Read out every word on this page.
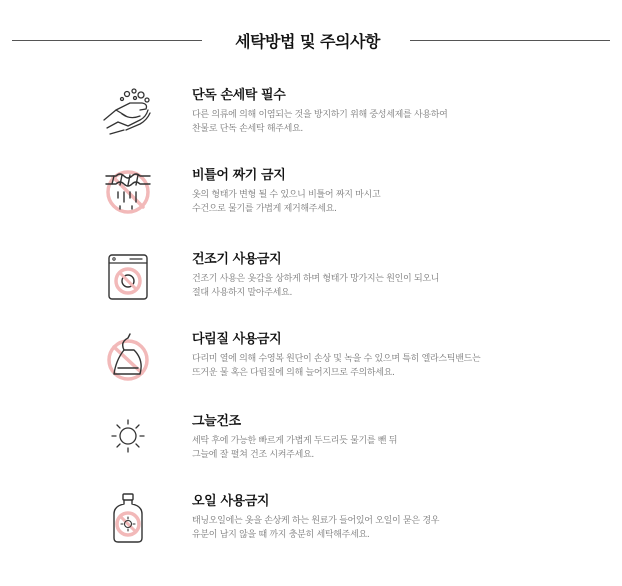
세탁방법 및 주의사항
단독 손세탁 필수
다른 의류에 의해 이염되는 것을 방지하기 위해 중성세제를 사용하여
찬물로 단독 손세탁 해주세요.
비틀어 짜기 금지
옷의 형태가 변형 될 수 있으니 비틀어 짜지 마시고
수건으로 물기를 가볍게 제거해주세요.
건조기 사용금지
건조기 사용은 옷감을 상하게 하며 형태가 망가지는 원인이 되오니
절대 사용하지 말아주세요.
다림질 사용금지
다리미 열에 의해 수영복 원단이 손상 및 녹을 수 있으며 특히 엘라스틱밴드는
뜨거운 물 혹은 다림질에 의해 늘어지므로 주의하세요.
그늘건조
세탁 후에 가능한 빠르게 가볍게 두드리듯 물기를 뺀 뒤
그늘에 잘 펼쳐 건조 시켜주세요.
오일 사용금지
태닝오일에는 옷을 손상케 하는 원료가 들어있어 오일이 묻은 경우
유분이 남지 않을 때 까지 충분히 세탁해주세요.
